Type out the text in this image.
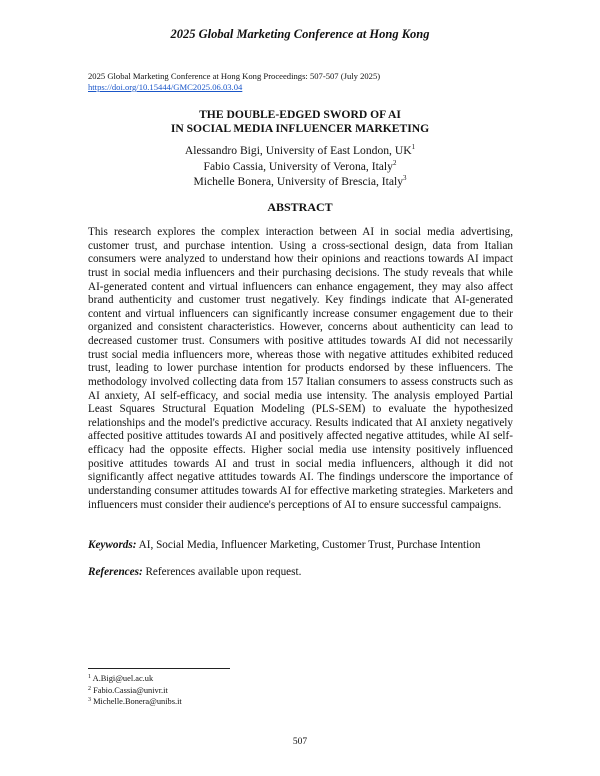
2025 Global Marketing Conference at Hong Kong
2025 Global Marketing Conference at Hong Kong Proceedings: 507-507 (July 2025)
https://doi.org/10.15444/GMC2025.06.03.04
THE DOUBLE-EDGED SWORD OF AI
IN SOCIAL MEDIA INFLUENCER MARKETING
Alessandro Bigi, University of East London, $UK^1$
Fabio Cassia, University of Verona, Italy$^2$
Michelle Bonera, University of Brescia, Italy$^3$
ABSTRACT

This research explores the complex interaction between AI in social media advertising, customer trust, and purchase intention. Using a cross-sectional design, data from Italian consumers were analyzed to understand how their opinions and reactions towards AI impact trust in social media influencers and their purchasing decisions. The study reveals that while AI-generated content and virtual influencers can enhance engagement, they may also affect brand authenticity and customer trust negatively. Key findings indicate that AI-generated content and virtual influencers can significantly increase consumer engagement due to their organized and consistent characteristics. However, concerns about authenticity can lead to decreased customer trust. Consumers with positive attitudes towards AI did not necessarily trust social media influencers more, whereas those with negative attitudes exhibited reduced trust, leading to lower purchase intention for products endorsed by these influencers. The methodology involved collecting data from 157 Italian consumers to assess constructs such as AI anxiety, AI self-efficacy, and social media use intensity. The analysis employed Partial Least Squares Structural Equation Modeling (PLS-SEM) to evaluate the hypothesized relationships and the model's predictive accuracy. Results indicated that AI anxiety negatively affected positive attitudes towards AI and positively affected negative attitudes, while AI self-efficacy had the opposite effects. Higher social media use intensity positively influenced positive attitudes towards AI and trust in social media influencers, although it did not significantly affect negative attitudes towards AI. The findings underscore the importance of understanding consumer attitudes towards AI for effective marketing strategies. Marketers and influencers must consider their audience's perceptions of AI to ensure successful campaigns.

Keywords: AI, Social Media, Influencer Marketing, Customer Trust, Purchase Intention
References: References available upon request.
$^1$ A.Bigi@uel.ac.uk
$^2$ Fabio.Cassia@univr.it
$^3$ Michelle.Bonera@unibs.it
507
